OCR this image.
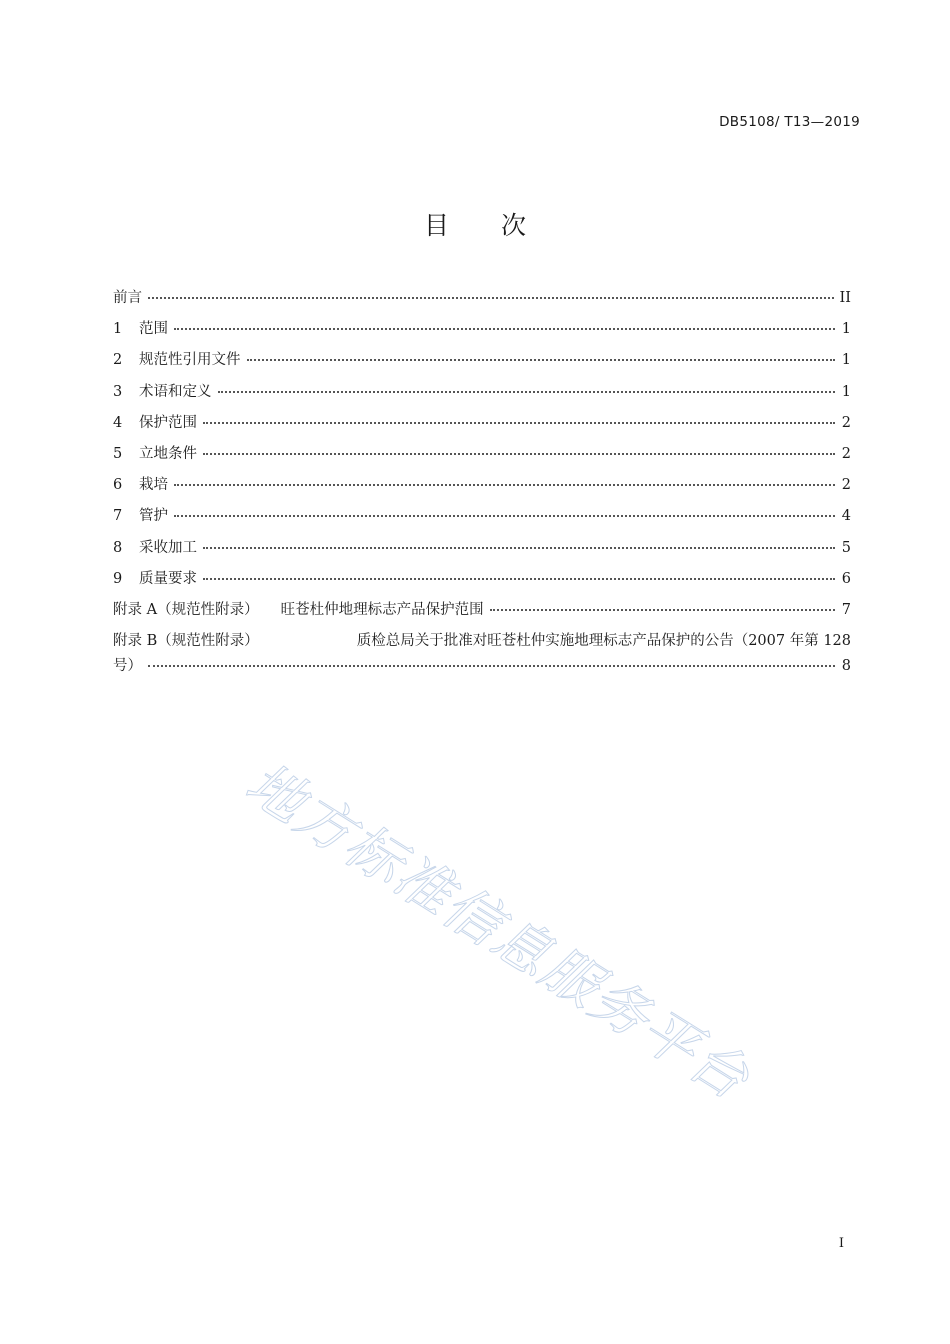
DB5108/ T13—2019
目 次
前言	II
1	范围	1
2	规范性引用文件	1
3	术语和定义	1
4	保护范围	2
5	立地条件	2
6	栽培	2
7	管护	4
8	采收加工	5
9	质量要求	6
附录 A（规范性附录） 旺苍杜仲地理标志产品保护范围	7
附录 B（规范性附录）	质检总局关于批准对旺苍杜仲实施地理标志产品保护的公告（2007 年第 128
号）	8
地方标准信息服务平台
I
